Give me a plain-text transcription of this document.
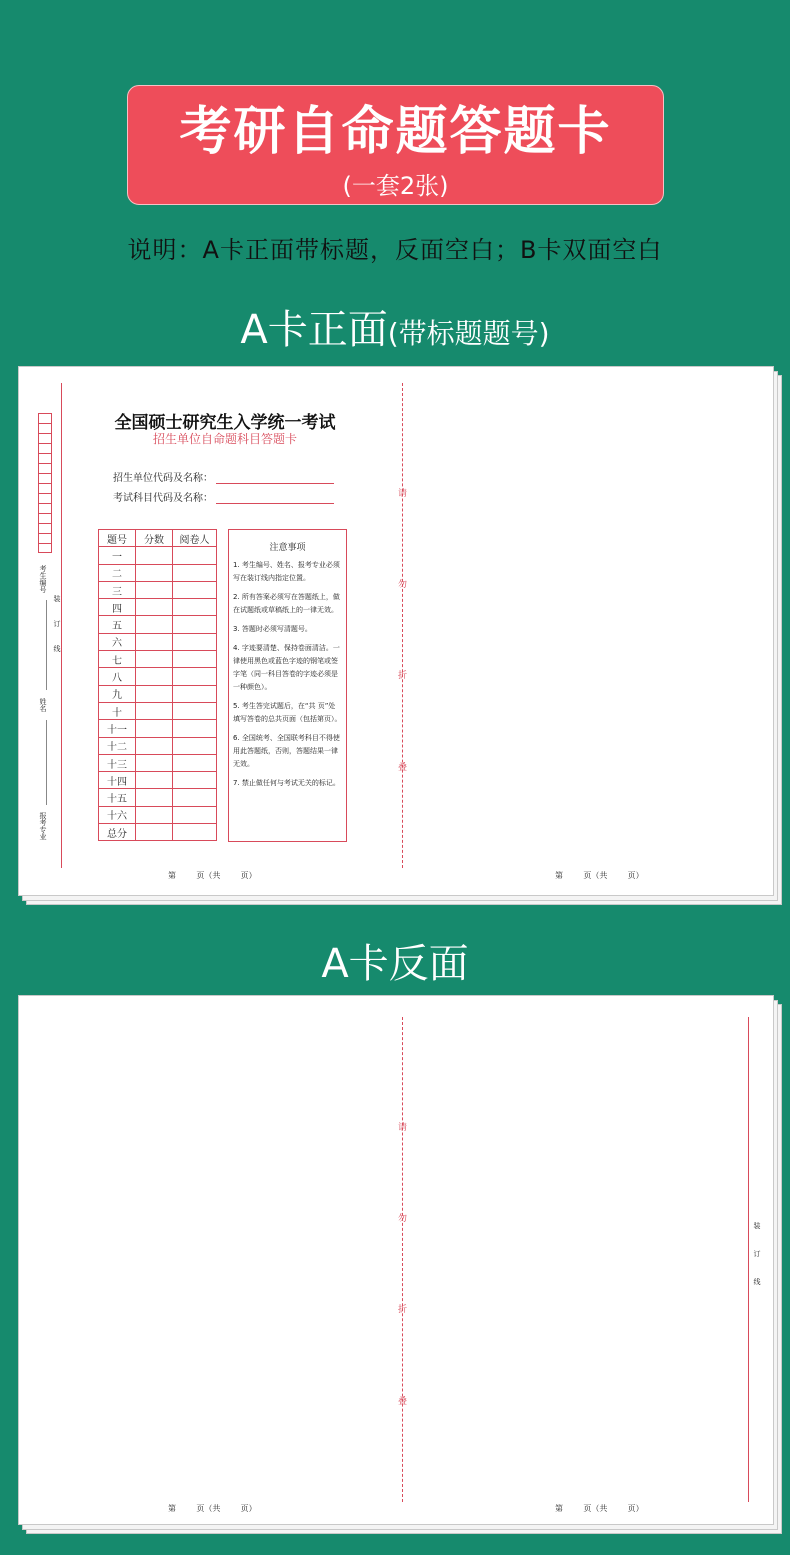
考研自命题答题卡
(一套2张)
说明：A卡正面带标题，反面空白；B卡双面空白
A卡正面(带标题题号)
考生编号
姓名
报考专业
装
订
线
全国硕士研究生入学统一考试
招生单位自命题科目答题卡
招生单位代码及名称：
考试科目代码及名称：
题号	分数	阅卷人
一		
二		
三		
四		
五		
六		
七		
八		
九		
十		
十一		
十二		
十三		
十四		
十五		
十六		
总分		
注意事项

1. 考生编号、姓名、报考专业必须写在装订线内指定位置。

2. 所有答案必须写在答题纸上，做在试题纸或草稿纸上的一律无效。

3. 答题时必须写清题号。

4. 字迹要清楚、保持卷面清洁。一律使用黑色或蓝色字迹的钢笔或签字笔（同一科目答卷的字迹必须是一种颜色）。

5. 考生答完试题后，在“共 页”处填写答卷的总共页面（包括第页）。

6. 全国统考、全国联考科目不得使用此答题纸，否则，答题结果一律无效。

7. 禁止做任何与考试无关的标记。

请
勿
折
叠
第        页（共        页）	第        页（共        页）
A卡反面
请
勿
折
叠
装
订
线
第        页（共        页）	第        页（共        页）
